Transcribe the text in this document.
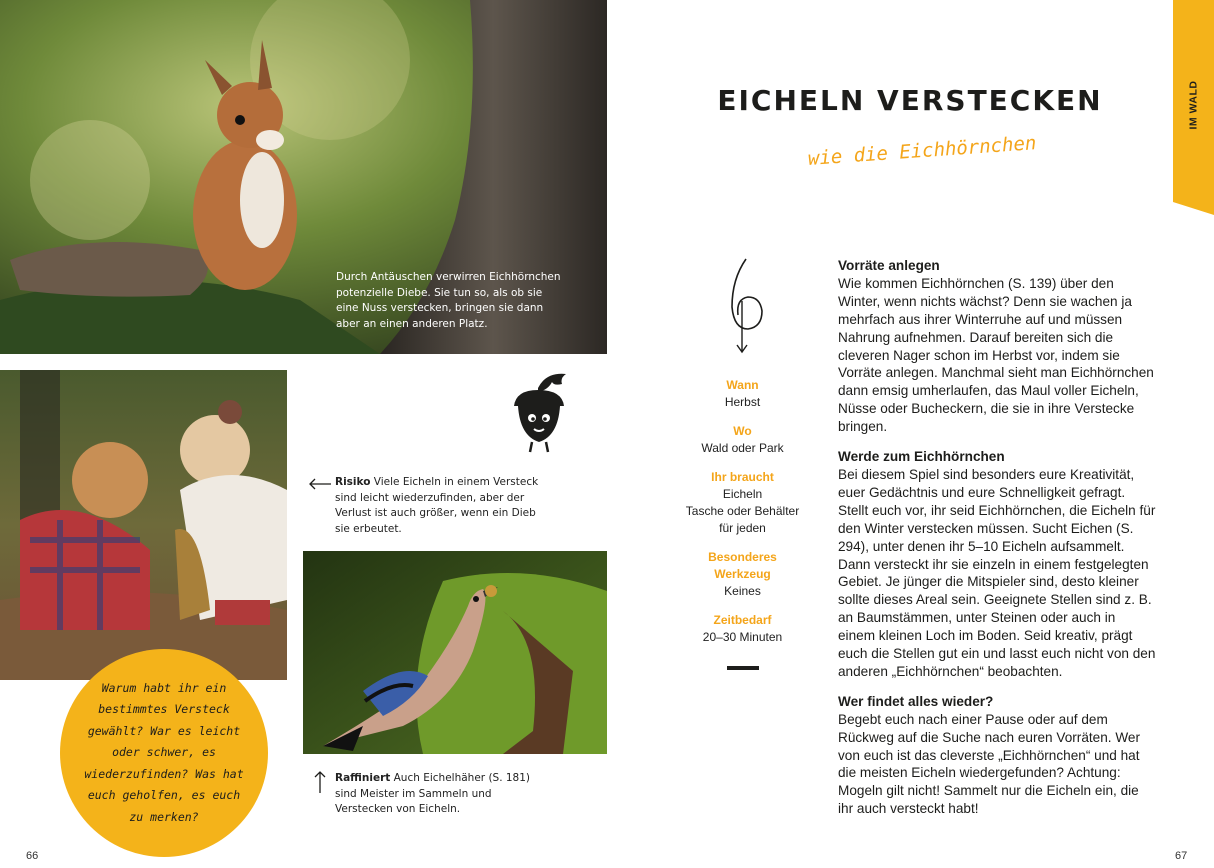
Durch Antäuschen verwirren Eichhörnchen potenzielle Diebe. Sie tun so, als ob sie eine Nuss verstecken, bringen sie dann aber an einen anderen Platz.
Risiko Viele Eicheln in einem Versteck sind leicht wiederzufinden, aber der Verlust ist auch größer, wenn ein Dieb sie erbeutet.
Raffiniert Auch Eichelhäher (S. 181) sind Meister im Sammeln und Verstecken von Eicheln.
Warum habt ihr ein bestimmtes Versteck gewählt? War es leicht oder schwer, es wiederzufinden? Was hat euch geholfen, es euch zu merken?
66
IM WALD
EICHELN VERSTECKEN
wie die Eichhörnchen
Wann
Herbst
Wo
Wald oder Park
Ihr braucht
Eicheln
Tasche oder Behälter
für jeden
Besonderes
Werkzeug
Keines
Zeitbedarf
20–30 Minuten

Vorräte anlegen

Wie kommen Eichhörnchen (S. 139) über den Winter, wenn nichts wächst? Denn sie wachen ja mehrfach aus ihrer Winterruhe auf und müssen Nahrung aufnehmen. Darauf bereiten sich die cleveren Nager schon im Herbst vor, indem sie Vorräte anlegen. Manchmal sieht man Eichhörnchen dann emsig umherlaufen, das Maul voller Eicheln, Nüsse oder Bucheckern, die sie in ihre Verstecke bringen.

Werde zum Eichhörnchen

Bei diesem Spiel sind besonders eure Kreativität, euer Gedächtnis und eure Schnelligkeit gefragt. Stellt euch vor, ihr seid Eichhörnchen, die Eicheln für den Winter verstecken müssen. Sucht Eichen (S. 294), unter denen ihr 5–10 Eicheln aufsammelt. Dann versteckt ihr sie einzeln in einem festgelegten Gebiet. Je jünger die Mitspieler sind, desto kleiner sollte dieses Areal sein. Geeignete Stellen sind z. B. an Baumstämmen, unter Steinen oder auch in einem kleinen Loch im Boden. Seid kreativ, prägt euch die Stellen gut ein und lasst euch nicht von den anderen „Eichhörnchen“ beobachten.

Wer findet alles wieder?

Begebt euch nach einer Pause oder auf dem Rückweg auf die Suche nach euren Vorräten. Wer von euch ist das cleverste „Eichhörnchen“ und hat die meisten Eicheln wiedergefunden? Achtung: Mogeln gilt nicht! Sammelt nur die Eicheln ein, die ihr auch versteckt habt!

67
